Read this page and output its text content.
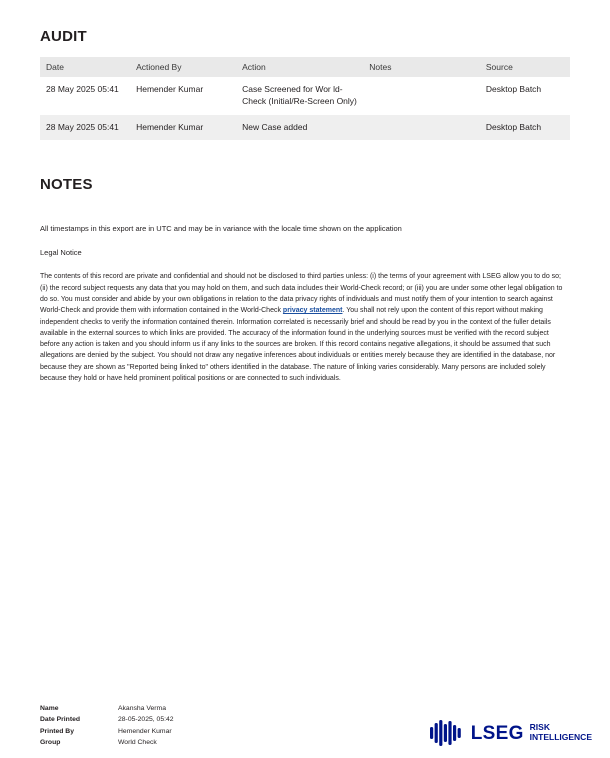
AUDIT
Date	Actioned By	Action	Notes	Source
28 May 2025 05:41	Hemender Kumar	Case Screened for Wor ld-Check (Initial/Re-Screen Only)		Desktop Batch
28 May 2025 05:41	Hemender Kumar	New Case added		Desktop Batch
NOTES
All timestamps in this export are in UTC and may be in variance with the locale time shown on the application
Legal Notice
The contents of this record are private and confidential and should not be disclosed to third parties unless: (i) the terms of your agreement with LSEG allow you to do so; (ii) the record subject requests any data that you may hold on them, and such data includes their World-Check record; or (iii) you are under some other legal obligation to do so. You must consider and abide by your own obligations in relation to the data privacy rights of individuals and must notify them of your intention to search against World-Check and provide them with information contained in the World-Check privacy statement. You shall not rely upon the content of this report without making independent checks to verify the information contained therein. Information correlated is necessarily brief and should be read by you in the context of the fuller details available in the external sources to which links are provided. The accuracy of the information found in the underlying sources must be verified with the record subject before any action is taken and you should inform us if any links to the sources are broken. If this record contains negative allegations, it should be assumed that such allegations are denied by the subject. You should not draw any negative inferences about individuals or entities merely because they are identified in the database, nor because they are shown as "Reported being linked to" others identified in the database. The nature of linking varies considerably. Many persons are included solely because they hold or have held prominent political positions or are connected to such individuals.
Name	Akansha Verma
Date Printed	28-05-2025, 05:42
Printed By	Hemender Kumar
Group	World Check	LSEG RISK
INTELLIGENCE
